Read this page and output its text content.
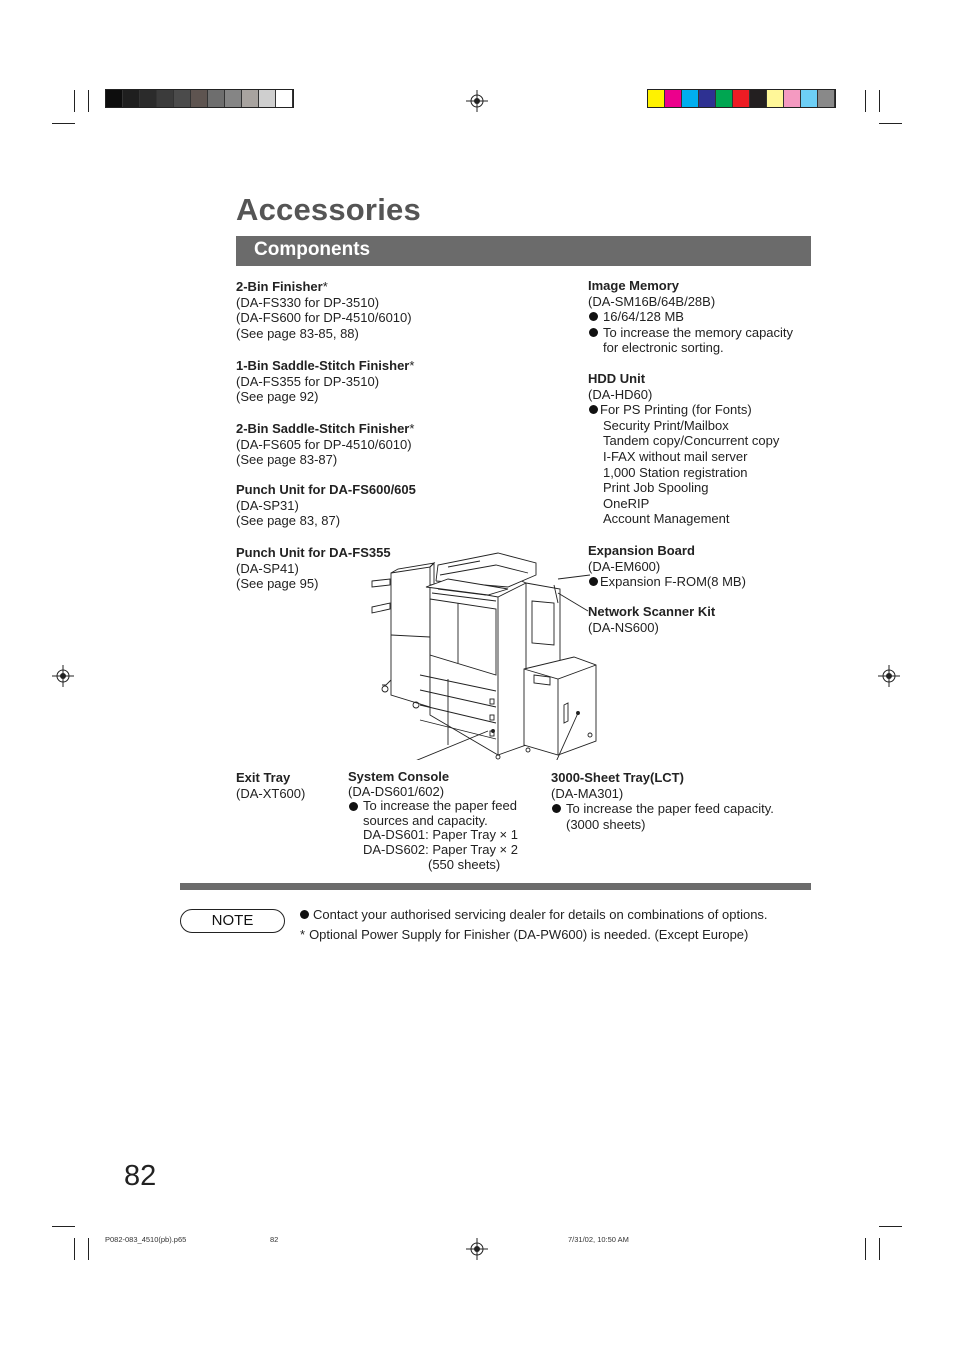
Accessories
Components
2-Bin Finisher*
(DA-FS330 for DP-3510)
(DA-FS600 for DP-4510/6010)
(See page 83-85, 88)
1-Bin Saddle-Stitch Finisher*
(DA-FS355 for DP-3510)
(See page 92)
2-Bin Saddle-Stitch Finisher*
(DA-FS605 for DP-4510/6010)
(See page 83-87)
Punch Unit for DA-FS600/605
(DA-SP31)
(See page 83, 87)
Punch Unit for DA-FS355
(DA-SP41)
(See page 95)
Image Memory
(DA-SM16B/64B/28B)
16/64/128 MB
To increase the memory capacity
for electronic sorting.
HDD Unit
(DA-HD60)
For PS Printing (for Fonts)
Security Print/Mailbox
Tandem copy/Concurrent copy
I-FAX without mail server
1,000 Station registration
Print Job Spooling
OneRIP
Account Management
Expansion Board
(DA-EM600)
Expansion F-ROM(8 MB)
Network Scanner Kit
(DA-NS600)
Exit Tray
(DA-XT600)
System Console
(DA-DS601/602)
To increase the paper feed
sources and capacity.
DA-DS601: Paper Tray × 1
DA-DS602: Paper Tray × 2
(550 sheets)
3000-Sheet Tray(LCT)
(DA-MA301)
To increase the paper feed capacity.
(3000 sheets)
NOTE	Contact your authorised servicing dealer for details on combinations of options.
* Optional Power Supply for Finisher (DA-PW600) is needed. (Except Europe)
82
P082-083_4510(pb).p65	82	7/31/02, 10:50 AM
